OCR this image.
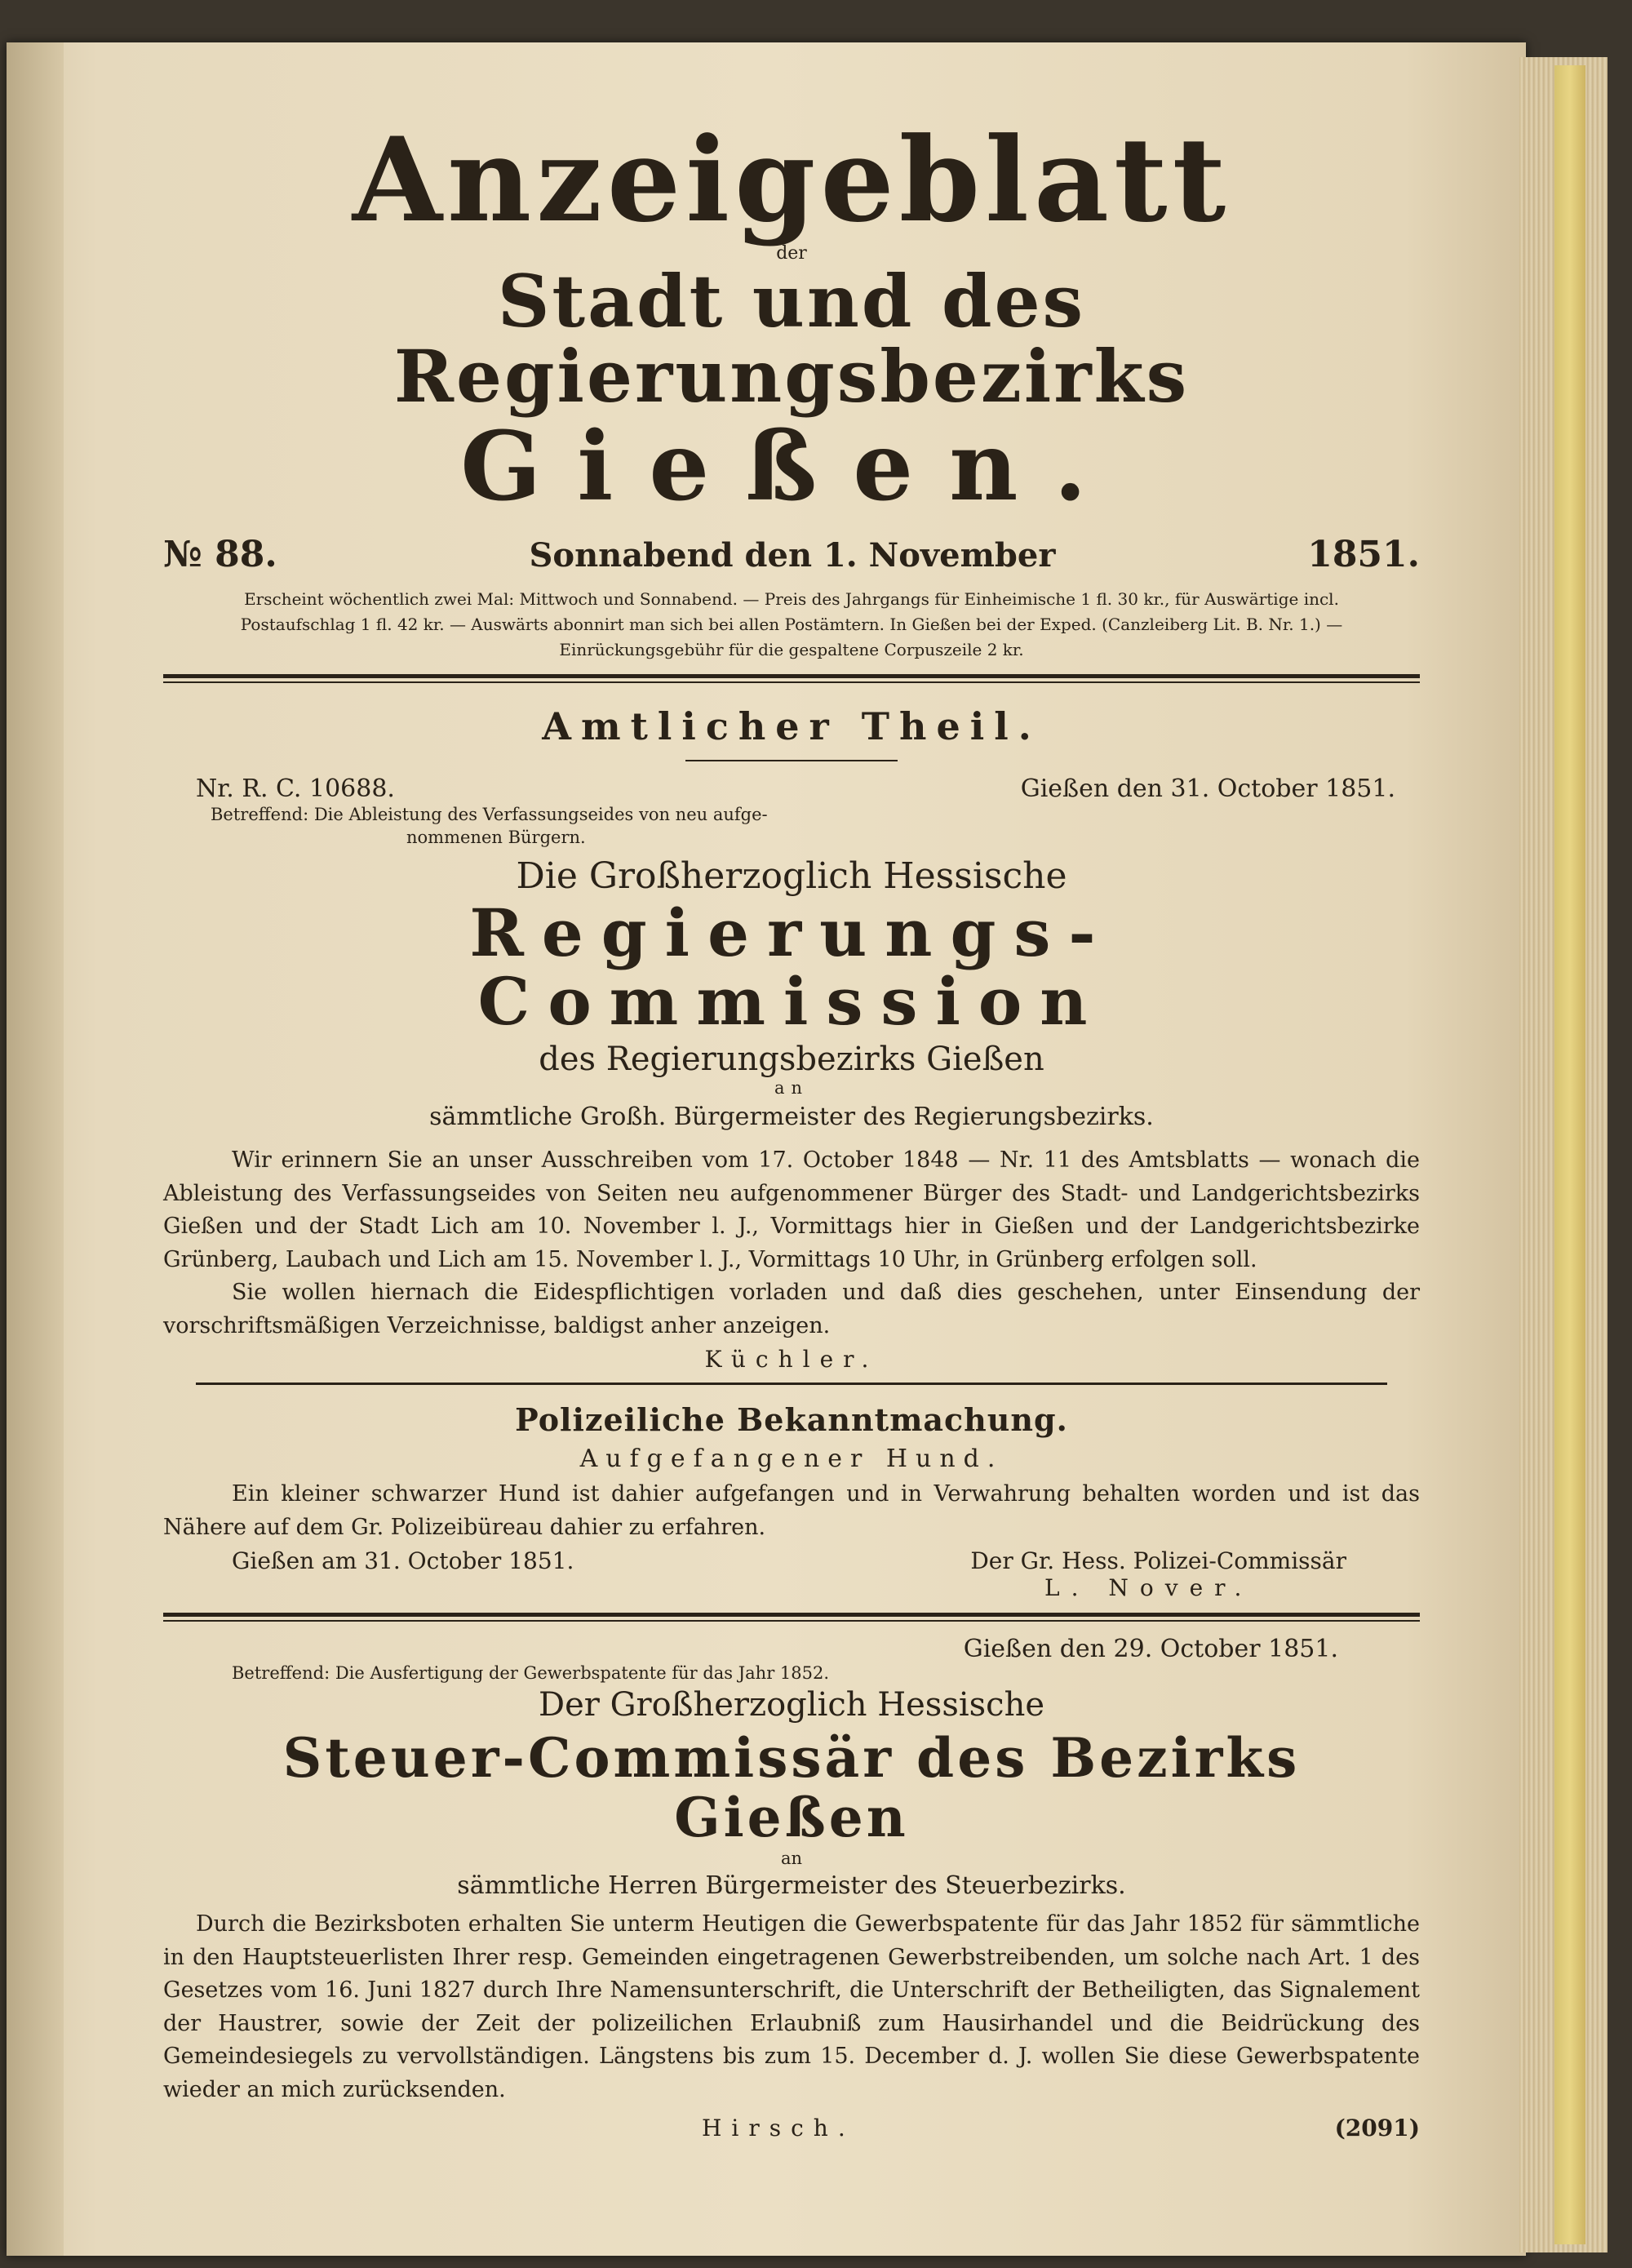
Anzeigeblatt
der
Stadt und des Regierungsbezirks
Gießen.
№ 88.	Sonnabend den 1. November	1851.
Erscheint wöchentlich zwei Mal: Mittwoch und Sonnabend. — Preis des Jahrgangs für Einheimische 1 fl. 30 kr., für Auswärtige incl.
Postaufschlag 1 fl. 42 kr. — Auswärts abonnirt man sich bei allen Postämtern. In Gießen bei der Exped. (Canzleiberg Lit. B. Nr. 1.) —
Einrückungsgebühr für die gespaltene Corpuszeile 2 kr.
Amtlicher Theil.
Nr. R. C. 10688.	Gießen den 31. October 1851.
Betreffend: Die Ableistung des Verfassungseides von neu aufge-
nommenen Bürgern.
Die Großherzoglich Hessische
Regierungs-Commission
des Regierungsbezirks Gießen
an
sämmtliche Großh. Bürgermeister des Regierungsbezirks.

Wir erinnern Sie an unser Ausschreiben vom 17. October 1848 — Nr. 11 des Amtsblatts — wonach die Ableistung des Verfassungseides von Seiten neu aufgenommener Bürger des Stadt- und Landgerichtsbezirks Gießen und der Stadt Lich am 10. November l. J., Vormittags hier in Gießen und der Landgerichtsbezirke Grünberg, Laubach und Lich am 15. November l. J., Vormittags 10 Uhr, in Grünberg erfolgen soll.

Sie wollen hiernach die Eidespflichtigen vorladen und daß dies geschehen, unter Einsendung der vorschriftsmäßigen Verzeichnisse, baldigst anher anzeigen.

Küchler.
Polizeiliche Bekanntmachung.
Aufgefangener Hund.

Ein kleiner schwarzer Hund ist dahier aufgefangen und in Verwahrung behalten worden und ist das Nähere auf dem Gr. Polizeibüreau dahier zu erfahren.

Gießen am 31. October 1851.	Der Gr. Hess. Polizei-Commissär
L. Nover.
Gießen den 29. October 1851.
Betreffend: Die Ausfertigung der Gewerbspatente für das Jahr 1852.
Der Großherzoglich Hessische
Steuer-Commissär des Bezirks Gießen
an
sämmtliche Herren Bürgermeister des Steuerbezirks.

Durch die Bezirksboten erhalten Sie unterm Heutigen die Gewerbspatente für das Jahr 1852 für sämmtliche in den Hauptsteuerlisten Ihrer resp. Gemeinden eingetragenen Gewerbstreibenden, um solche nach Art. 1 des Gesetzes vom 16. Juni 1827 durch Ihre Namensunterschrift, die Unterschrift der Betheiligten, das Signalement der Haustrer, sowie der Zeit der polizeilichen Erlaubniß zum Hausirhandel und die Beidrückung des Gemeindesiegels zu vervollständigen. Längstens bis zum 15. December d. J. wollen Sie diese Gewerbspatente wieder an mich zurücksenden.

Hirsch.	(2091)
